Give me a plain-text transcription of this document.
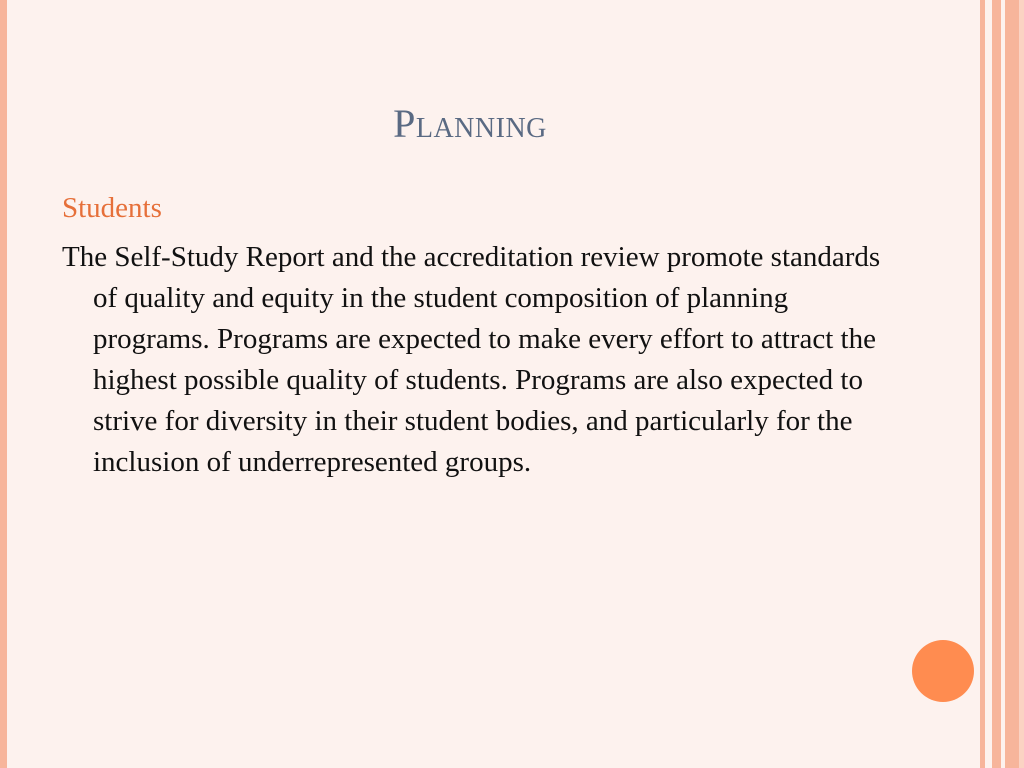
Planning

Students

The Self-Study Report and the accreditation review promote standards of quality and equity in the student composition of planning programs. Programs are expected to make every effort to attract the highest possible quality of students. Programs are also expected to strive for diversity in their student bodies, and particularly for the inclusion of underrepresented groups.
